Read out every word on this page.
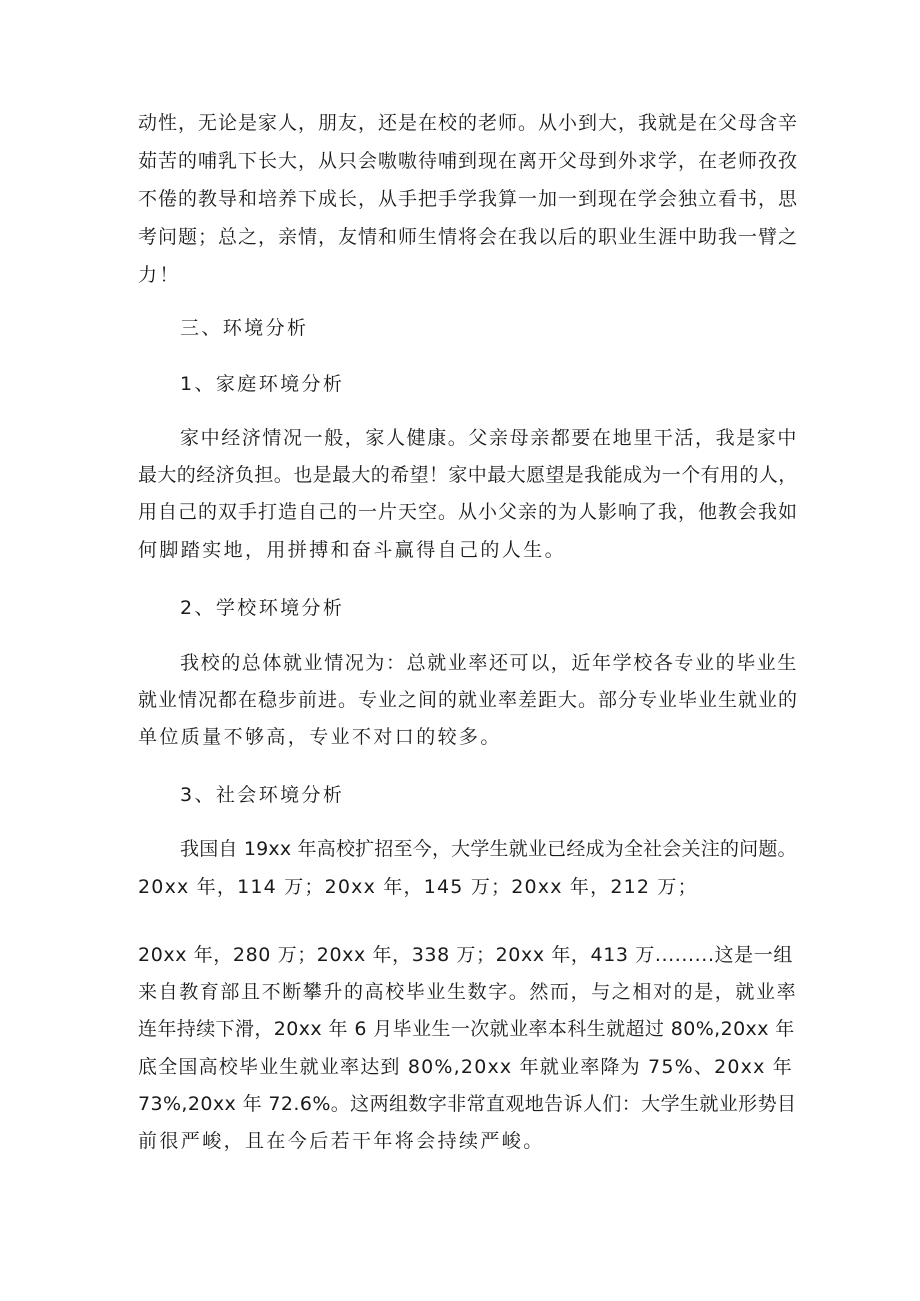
动性，无论是家人，朋友，还是在校的老师。从小到大，我就是在父母含辛
茹苦的哺乳下长大，从只会嗷嗷待哺到现在离开父母到外求学，在老师孜孜
不倦的教导和培养下成长，从手把手学我算一加一到现在学会独立看书，思
考问题；总之，亲情，友情和师生情将会在我以后的职业生涯中助我一臂之
力！
三、环境分析
1、家庭环境分析
家中经济情况一般，家人健康。父亲母亲都要在地里干活，我是家中
最大的经济负担。也是最大的希望！家中最大愿望是我能成为一个有用的人，
用自己的双手打造自己的一片天空。从小父亲的为人影响了我，他教会我如
何脚踏实地，用拼搏和奋斗赢得自己的人生。
2、学校环境分析
我校的总体就业情况为：总就业率还可以，近年学校各专业的毕业生
就业情况都在稳步前进。专业之间的就业率差距大。部分专业毕业生就业的
单位质量不够高，专业不对口的较多。
3、社会环境分析
我国自 19xx 年高校扩招至今，大学生就业已经成为全社会关注的问题。
20xx 年，114 万；20xx 年，145 万；20xx 年，212 万；
20xx 年，280 万；20xx 年，338 万；20xx 年，413 万.........这是一组
来自教育部且不断攀升的高校毕业生数字。然而，与之相对的是，就业率
连年持续下滑，20xx 年 6 月毕业生一次就业率本科生就超过 80%,20xx 年
底全国高校毕业生就业率达到 80%,20xx 年就业率降为 75%、20xx 年
73%,20xx 年 72.6%。这两组数字非常直观地告诉人们：大学生就业形势目
前很严峻，且在今后若干年将会持续严峻。
